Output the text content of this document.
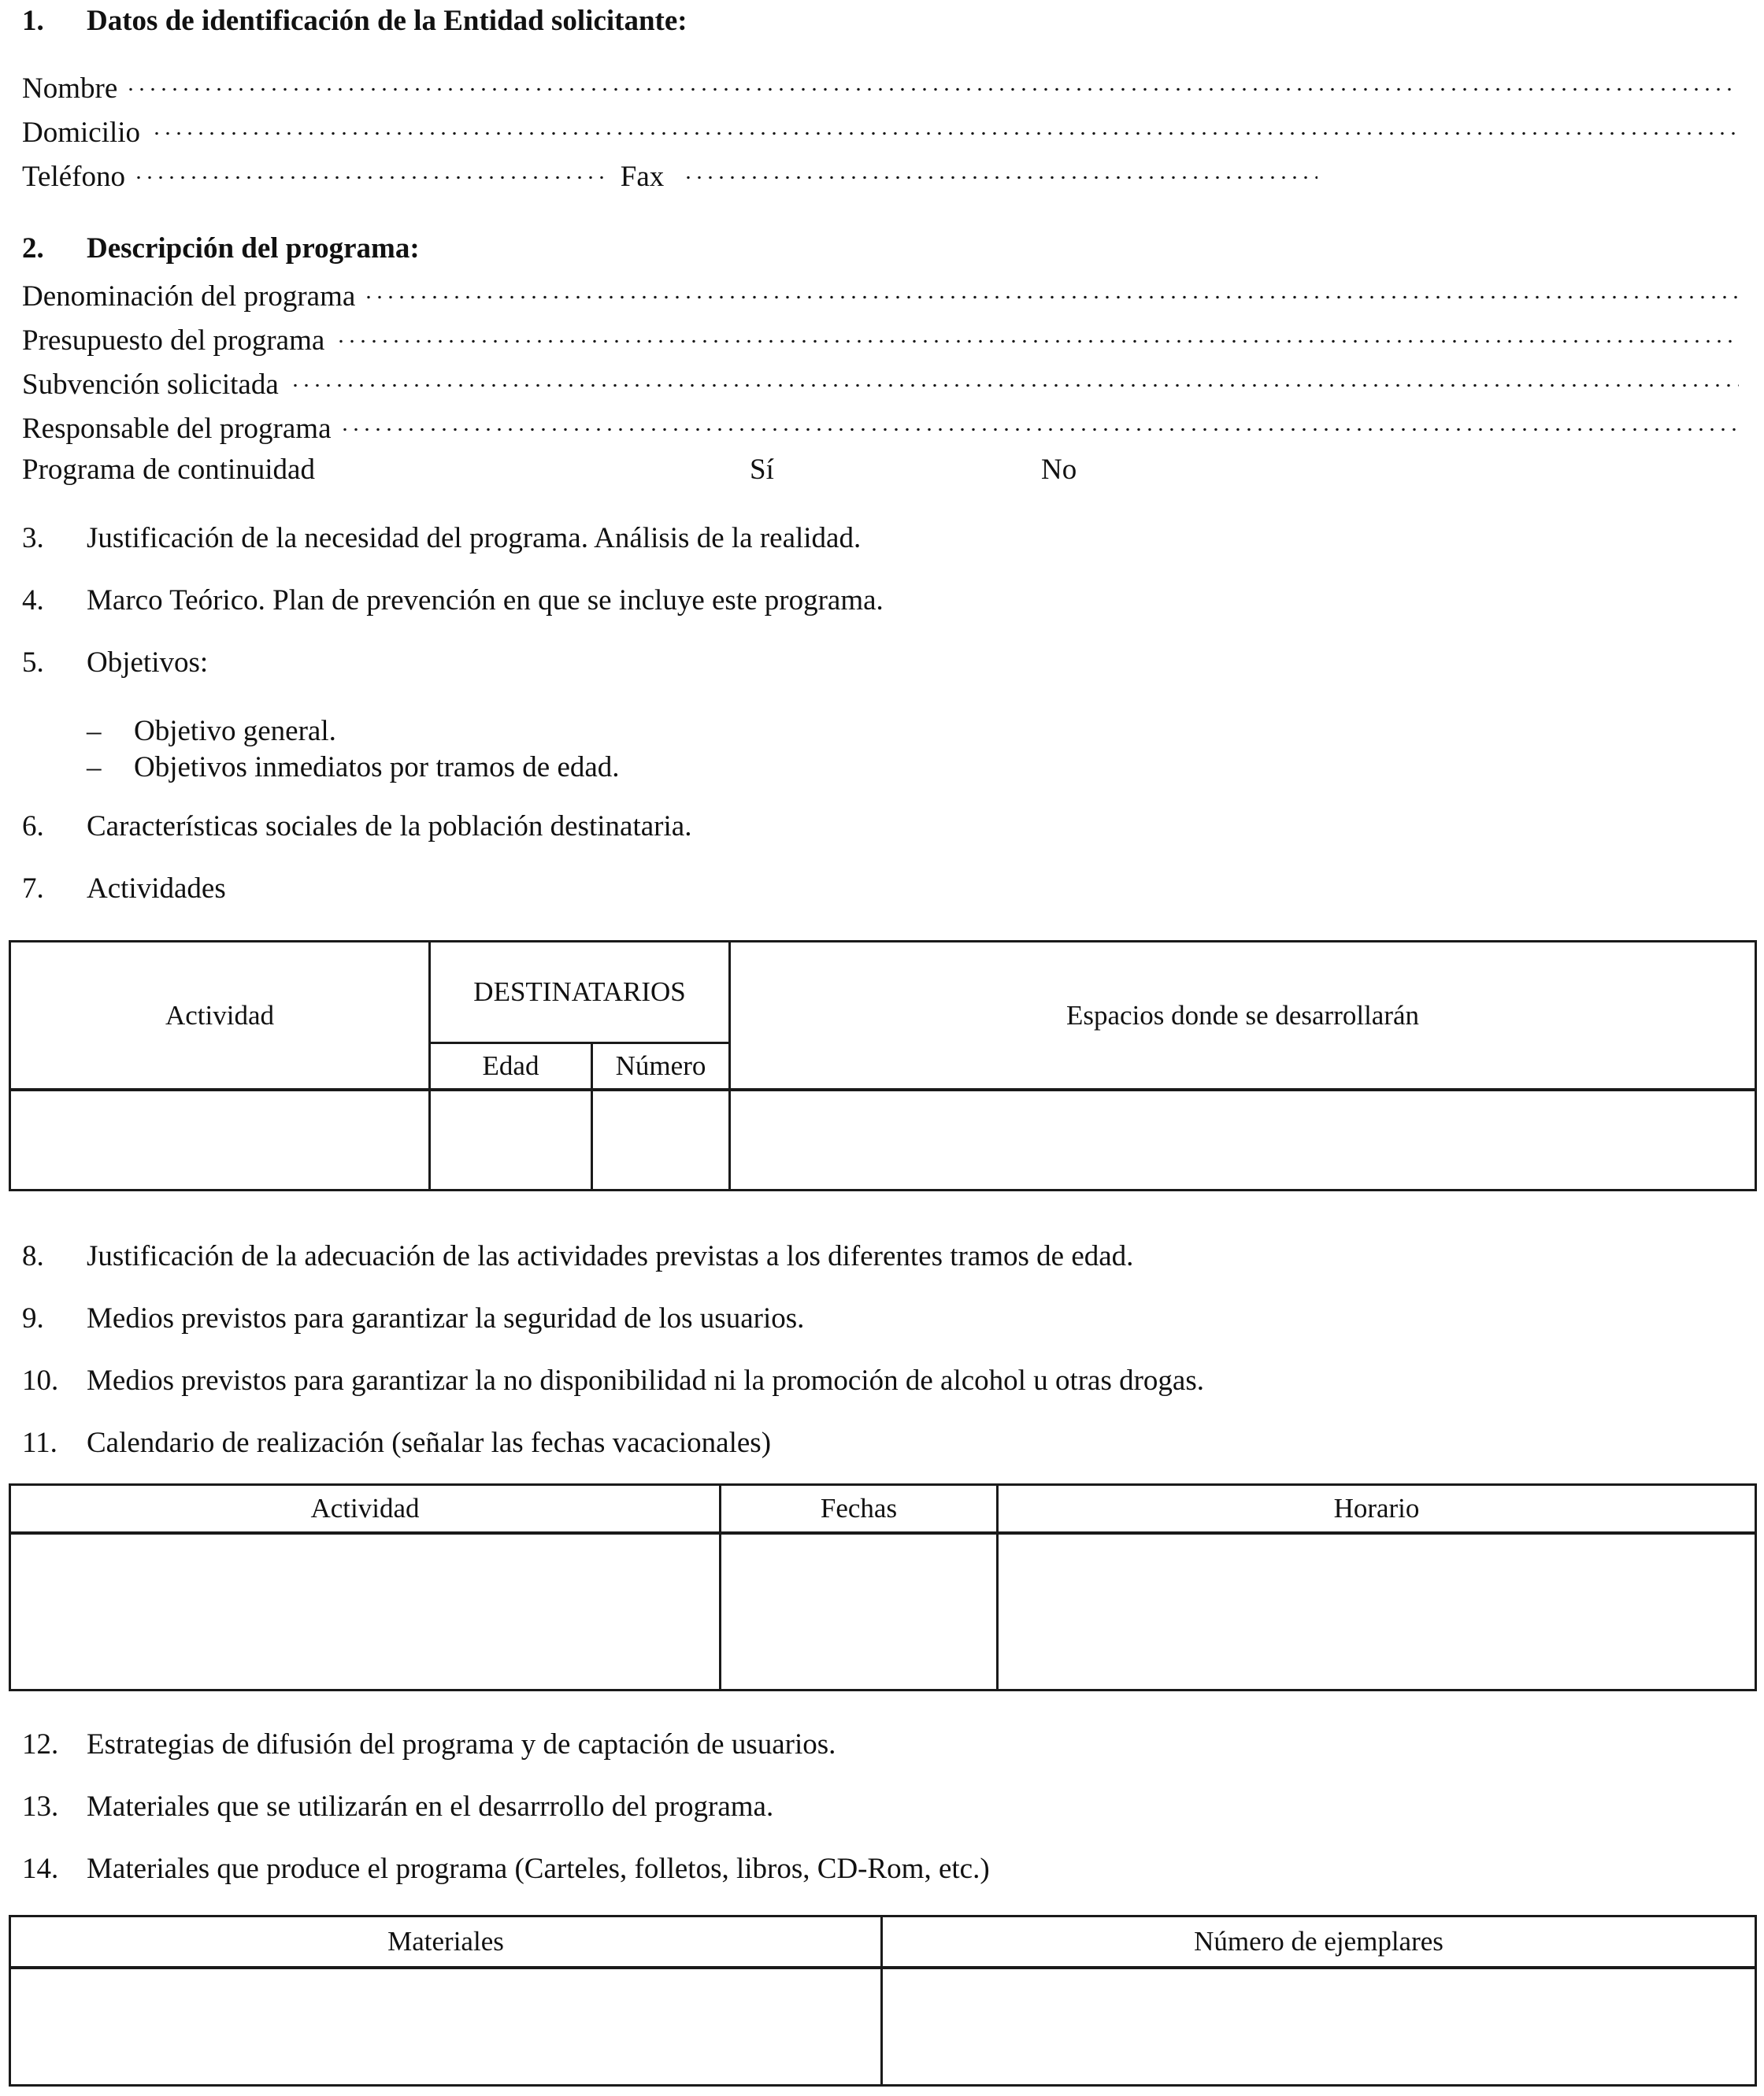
1.	Datos de identificación de la Entidad solicitante:
Nombre
Domicilio
Teléfono	Fax
2.	Descripción del programa:
Denominación del programa
Presupuesto del programa
Subvención solicitada
Responsable del programa
Programa de continuidad	Sí	No
3.	Justificación de la necesidad del programa. Análisis de la realidad.
4.	Marco Teórico. Plan de prevención en que se incluye este programa.
5.	Objetivos:
–	Objetivo general.
–	Objetivos inmediatos por tramos de edad.
6.	Características sociales de la población destinataria.
7.	Actividades
Actividad	DESTINATARIOS		Espacios donde se desarrollarán

	Edad	Número	

8.	Justificación de la adecuación de las actividades previstas a los diferentes tramos de edad.
9.	Medios previstos para garantizar la seguridad de los usuarios.
10. Medios previstos para garantizar la no disponibilidad ni la promoción de alcohol u otras drogas.
11.	Calendario de realización (señalar las fechas vacacionales)
Actividad	Fechas	Horario

12. Estrategias de difusión del programa y de captación de usuarios.
13. Materiales que se utilizarán en el desarrrollo del programa.
14. Materiales que produce el programa (Carteles, folletos, libros, CD-Rom, etc.)
Materiales	Número de ejemplares
